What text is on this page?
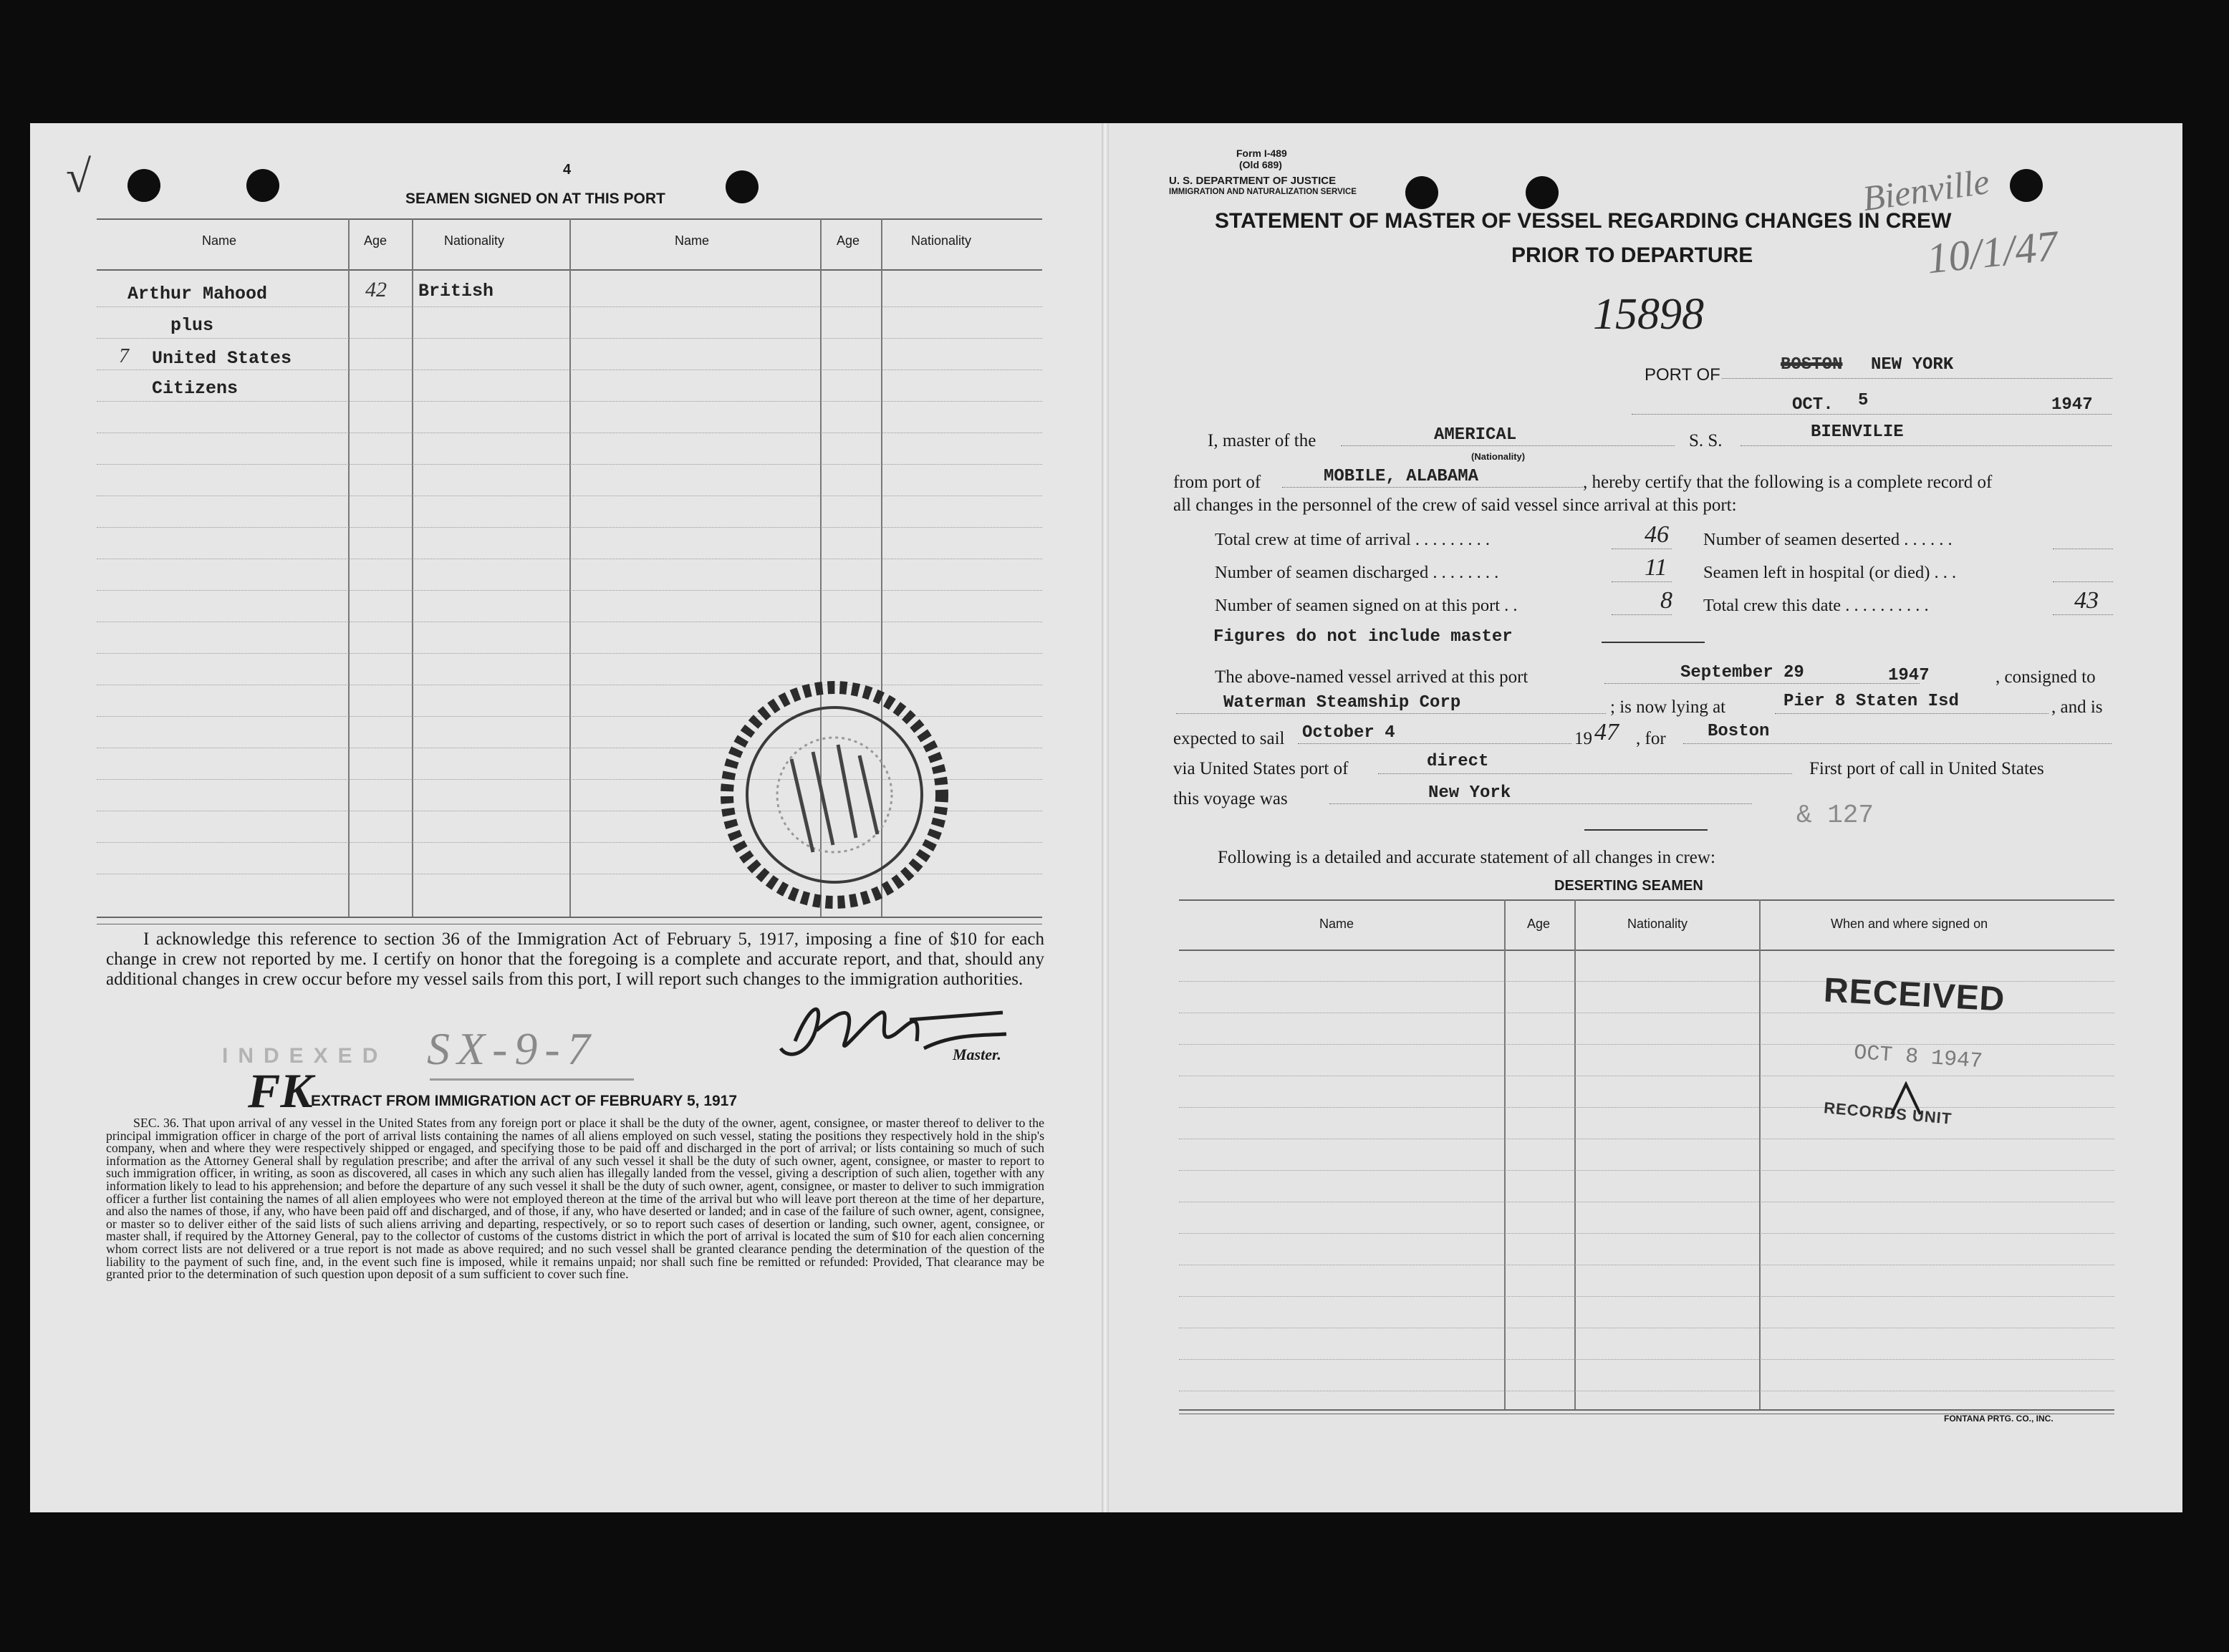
√	4
SEAMEN SIGNED ON AT THIS PORT
Name	Age	Nationality	Name	Age	Nationality
Arthur Mahood	42 British
plus
7 United States
Citizens
I acknowledge this reference to section 36 of the Immigration Act of February 5, 1917, imposing a fine of $10 for each change in crew not reported by me. I certify on honor that the foregoing is a complete and accurate report, and that, should any additional changes in crew occur before my vessel sails from this port, I will report such changes to the immigration authorities.
INDEXED SX-9-7	Master.
FK
EXTRACT FROM IMMIGRATION ACT OF FEBRUARY 5, 1917
SEC. 36. That upon arrival of any vessel in the United States from any foreign port or place it shall be the duty of the owner, agent, consignee, or master thereof to deliver to the principal immigration officer in charge of the port of arrival lists containing the names of all aliens employed on such vessel, stating the positions they respectively hold in the ship's company, when and where they were respectively shipped or engaged, and specifying those to be paid off and discharged in the port of arrival; or lists containing so much of such information as the Attorney General shall by regulation prescribe; and after the arrival of any such vessel it shall be the duty of such owner, agent, consignee, or master to report to such immigration officer, in writing, as soon as discovered, all cases in which any such alien has illegally landed from the vessel, giving a description of such alien, together with any information likely to lead to his apprehension; and before the departure of any such vessel it shall be the duty of such owner, agent, consignee, or master to deliver to such immigration officer a further list containing the names of all alien employees who were not employed thereon at the time of the arrival but who will leave port thereon at the time of her departure, and also the names of those, if any, who have been paid off and discharged, and of those, if any, who have deserted or landed; and in case of the failure of such owner, agent, consignee, or master so to deliver either of the said lists of such aliens arriving and departing, respectively, or so to report such cases of desertion or landing, such owner, agent, consignee, or master shall, if required by the Attorney General, pay to the collector of customs of the customs district in which the port of arrival is located the sum of $10 for each alien concerning whom correct lists are not delivered or a true report is not made as above required; and no such vessel shall be granted clearance pending the determination of the question of the liability to the payment of such fine, and, in the event such fine is imposed, while it remains unpaid; nor shall such fine be remitted or refunded: Provided, That clearance may be granted prior to the determination of such question upon deposit of a sum sufficient to cover such fine.
Form I-489
(Old 689)
U. S. DEPARTMENT OF JUSTICE
IMMIGRATION AND NATURALIZATION SERVICE	Bienville
10/1/47
STATEMENT OF MASTER OF VESSEL REGARDING CHANGES IN CREW
PRIOR TO DEPARTURE
15898
PORT OF
BOSTON NEW YORK
OCT. 5	1947
I, master of the	AMERICAL
(Nationality)
S. S.	BIENVILIE
from port of	MOBILE, ALABAMA	, hereby certify that the following is a complete record of
all changes in the personnel of the crew of said vessel since arrival at this port:
Total crew at time of arrival . . . . . . . . .	46
Number of seamen discharged . . . . . . . .	11
Number of seamen signed on at this port . .	8
Number of seamen deserted . . . . . .
Seamen left in hospital (or died) . . .
Total crew this date . . . . . . . . . .	43
Figures do not include master
The above-named vessel arrived at this port	September 29	1947	, consigned to
Waterman Steamship Corp	; is now lying at	Pier 8 Staten Isd	, and is
expected to sail October 4	19 47 , for Boston
via United States port of	direct	First port of call in United States
this voyage was	New York
& 127
Following is a detailed and accurate statement of all changes in crew:
DESERTING SEAMEN
Name	Age	Nationality	When and where signed on
RECEIVED
OCT 8 1947
RECORDS UNIT
FONTANA PRTG. CO., INC.
